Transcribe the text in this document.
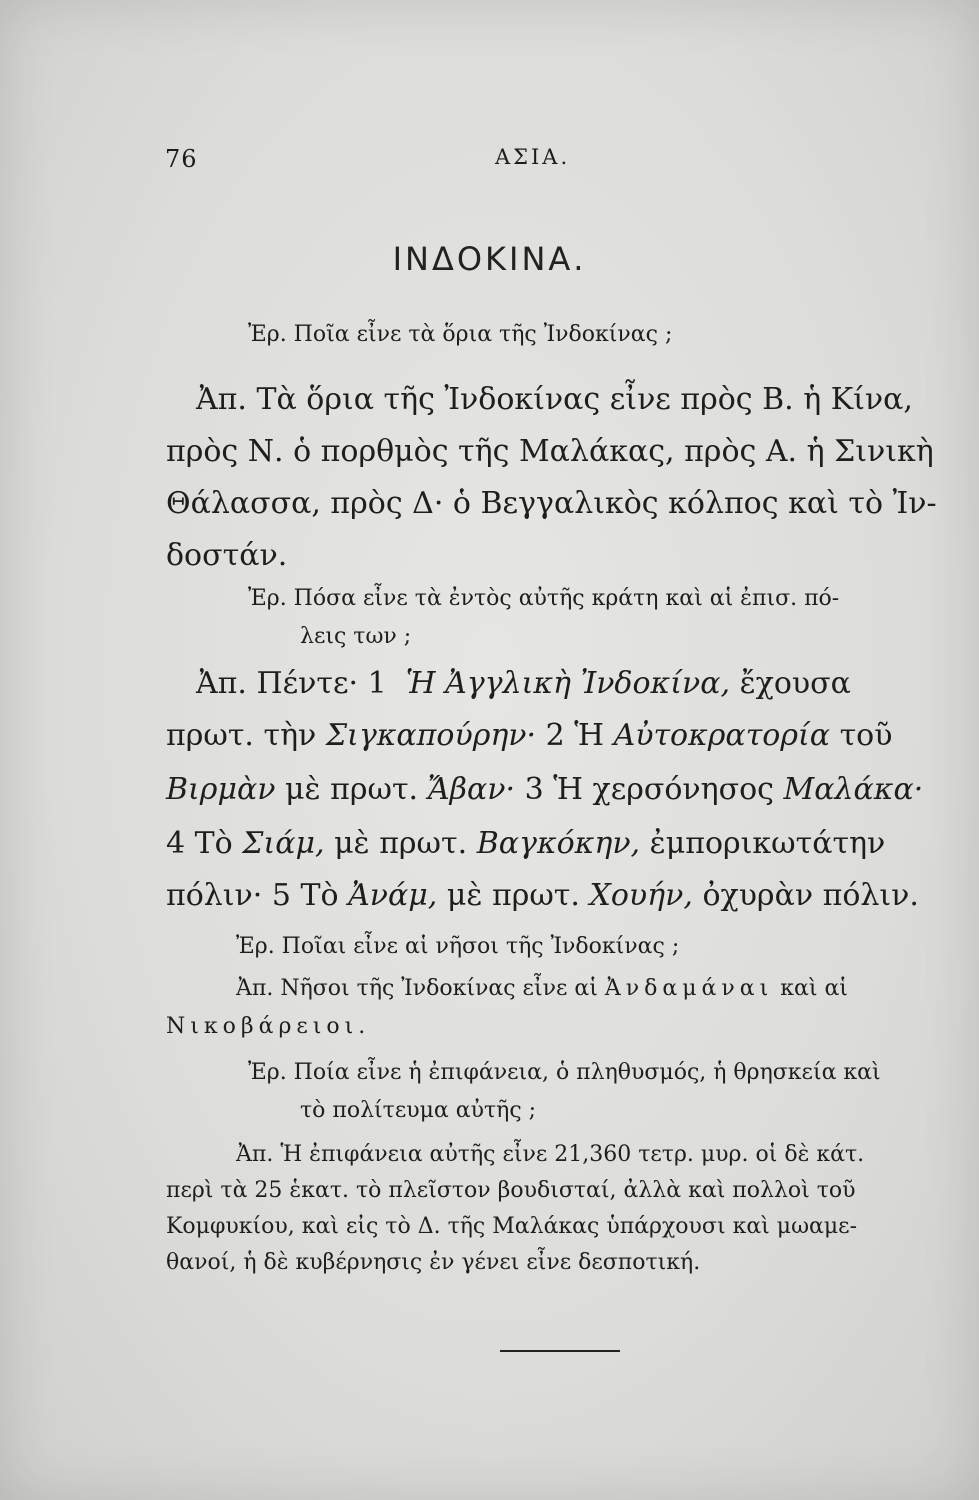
76	ΑΣΙΑ.
ΙΝΔΟΚΙΝΑ.
Ἐρ. Ποῖα εἶνε τὰ ὅρια τῆς Ἰνδοκίνας ;
Ἀπ. Τὰ ὅρια τῆς Ἰνδοκίνας εἶνε πρὸς Β. ἡ Κίνα,
πρὸς Ν. ὁ πορθμὸς τῆς Μαλάκας, πρὸς Α. ἡ Σινικὴ
Θάλασσα, πρὸς Δ· ὁ Βεγγαλικὸς κόλπος καὶ τὸ Ἰν-
δοστάν.
Ἐρ. Πόσα εἶνε τὰ ἐντὸς αὐτῆς κράτη καὶ αἱ ἐπισ. πό-
λεις των ;
Ἀπ. Πέντε· 1 Ἡ Ἀγγλικὴ Ἰνδοκίνα, ἔχουσα
πρωτ. τὴν Σιγκαπούρην· 2 Ἡ Αὐτοκρατορία τοῦ
Βιρμὰν μὲ πρωτ. Ἄβαν· 3 Ἡ χερσόνησος Μαλάκα·
4 Τὸ Σιάμ, μὲ πρωτ. Βαγκόκην, ἐμπορικωτάτην
πόλιν· 5 Τὸ Ἀνάμ, μὲ πρωτ. Χουήν, ὀχυρὰν πόλιν.
Ἐρ. Ποῖαι εἶνε αἱ νῆσοι τῆς Ἰνδοκίνας ;
Ἀπ. Νῆσοι τῆς Ἰνδοκίνας εἶνε αἱ Ἀνδαμάναι καὶ αἱ
Νικοβάρειοι.
Ἐρ. Ποία εἶνε ἡ ἐπιφάνεια, ὁ πληθυσμός, ἡ θρησκεία καὶ
τὸ πολίτευμα αὐτῆς ;
Ἀπ. Ἡ ἐπιφάνεια αὐτῆς εἶνε 21,360 τετρ. μυρ. οἱ δὲ κάτ.
περὶ τὰ 25 ἑκατ. τὸ πλεῖστον βουδισταί, ἀλλὰ καὶ πολλοὶ τοῦ
Κομφυκίου, καὶ εἰς τὸ Δ. τῆς Μαλάκας ὑπάρχουσι καὶ μωαμε-
θανοί, ἡ δὲ κυβέρνησις ἐν γένει εἶνε δεσποτική.
